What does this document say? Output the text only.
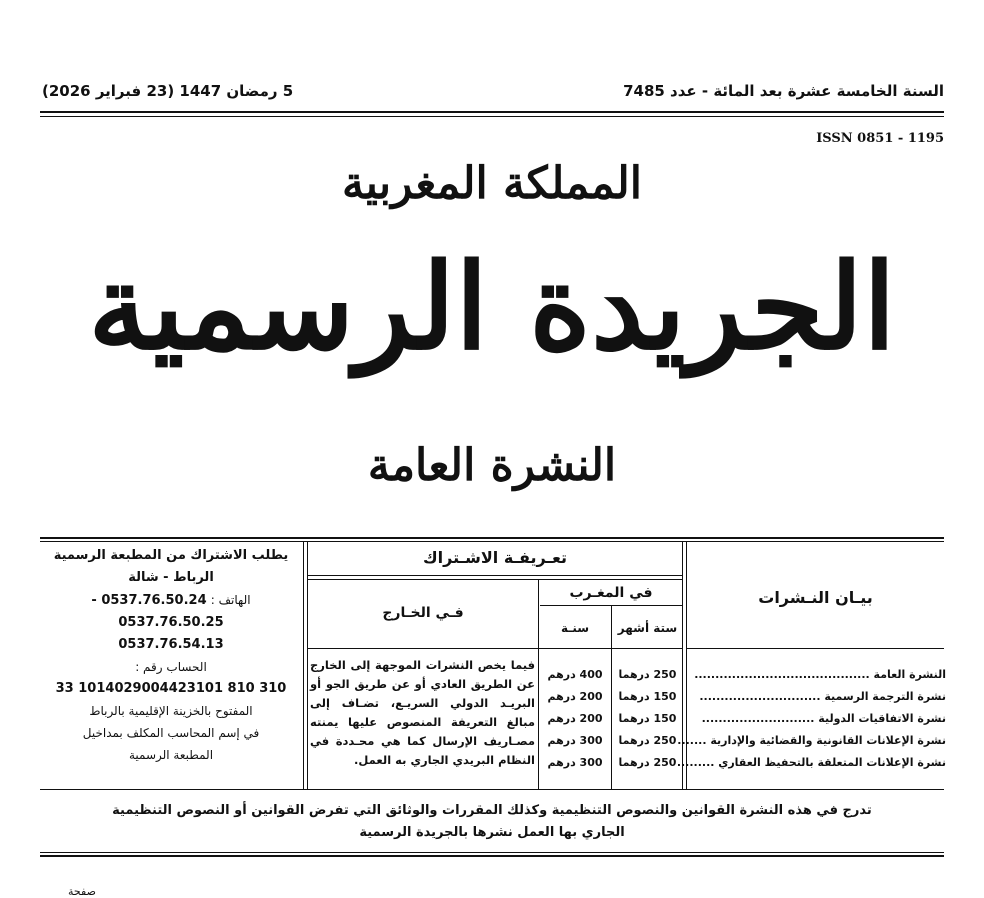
السنة الخامسة عشرة بعد المائة - عدد 7485
5 رمضان 1447 (23 فبراير 2026)
ISSN 0851 - 1195
المملكة المغربية
الجريدة الرسمية
النشرة العامة
تعـريفـة الاشـتراك
في المغـرب
ستة أشهر
سنـة
فـي الخـارج
بيـان النـشرات
النشرة العامة ..........................................
نشرة الترجمة الرسمية .............................
نشرة الاتفاقيات الدولية ...........................
نشرة الإعلانات القانونية والقضائية والإدارية .......
نشرة الإعلانات المتعلقة بالتحفيظ العقاري .........
250 درهما
150 درهما
150 درهما
250 درهما
250 درهما
400 درهم
200 درهم
200 درهم
300 درهم
300 درهم
فيما يخص النشرات الموجهة إلى الخارج عن الطريق العادي أو عن طريق الجو أو البريـد الدولي السريـع، تضـاف إلى مبالغ التعريفة المنصوص عليها يمنته مصـاريف الإرسال كما هي محـددة في النظام البريدي الجاري به العمل.
يطلب الاشتراك من المطبعة الرسمية
الرباط - شالة
الهاتف : 0537.76.50.24 - 0537.76.50.25
0537.76.54.13
الحساب رقم :
310 810 1014029004423101 33
المفتوح بالخزينة الإقليمية بالرباط
في إسم المحاسب المكلف بمداخيل
المطبعة الرسمية
تدرج في هذه النشرة القوانين والنصوص التنظيمية وكذلك المقررات والوثائق التي تفرض القوانين أو النصوص التنظيمية
الجاري بها العمل نشرها بالجريدة الرسمية
صفحة
